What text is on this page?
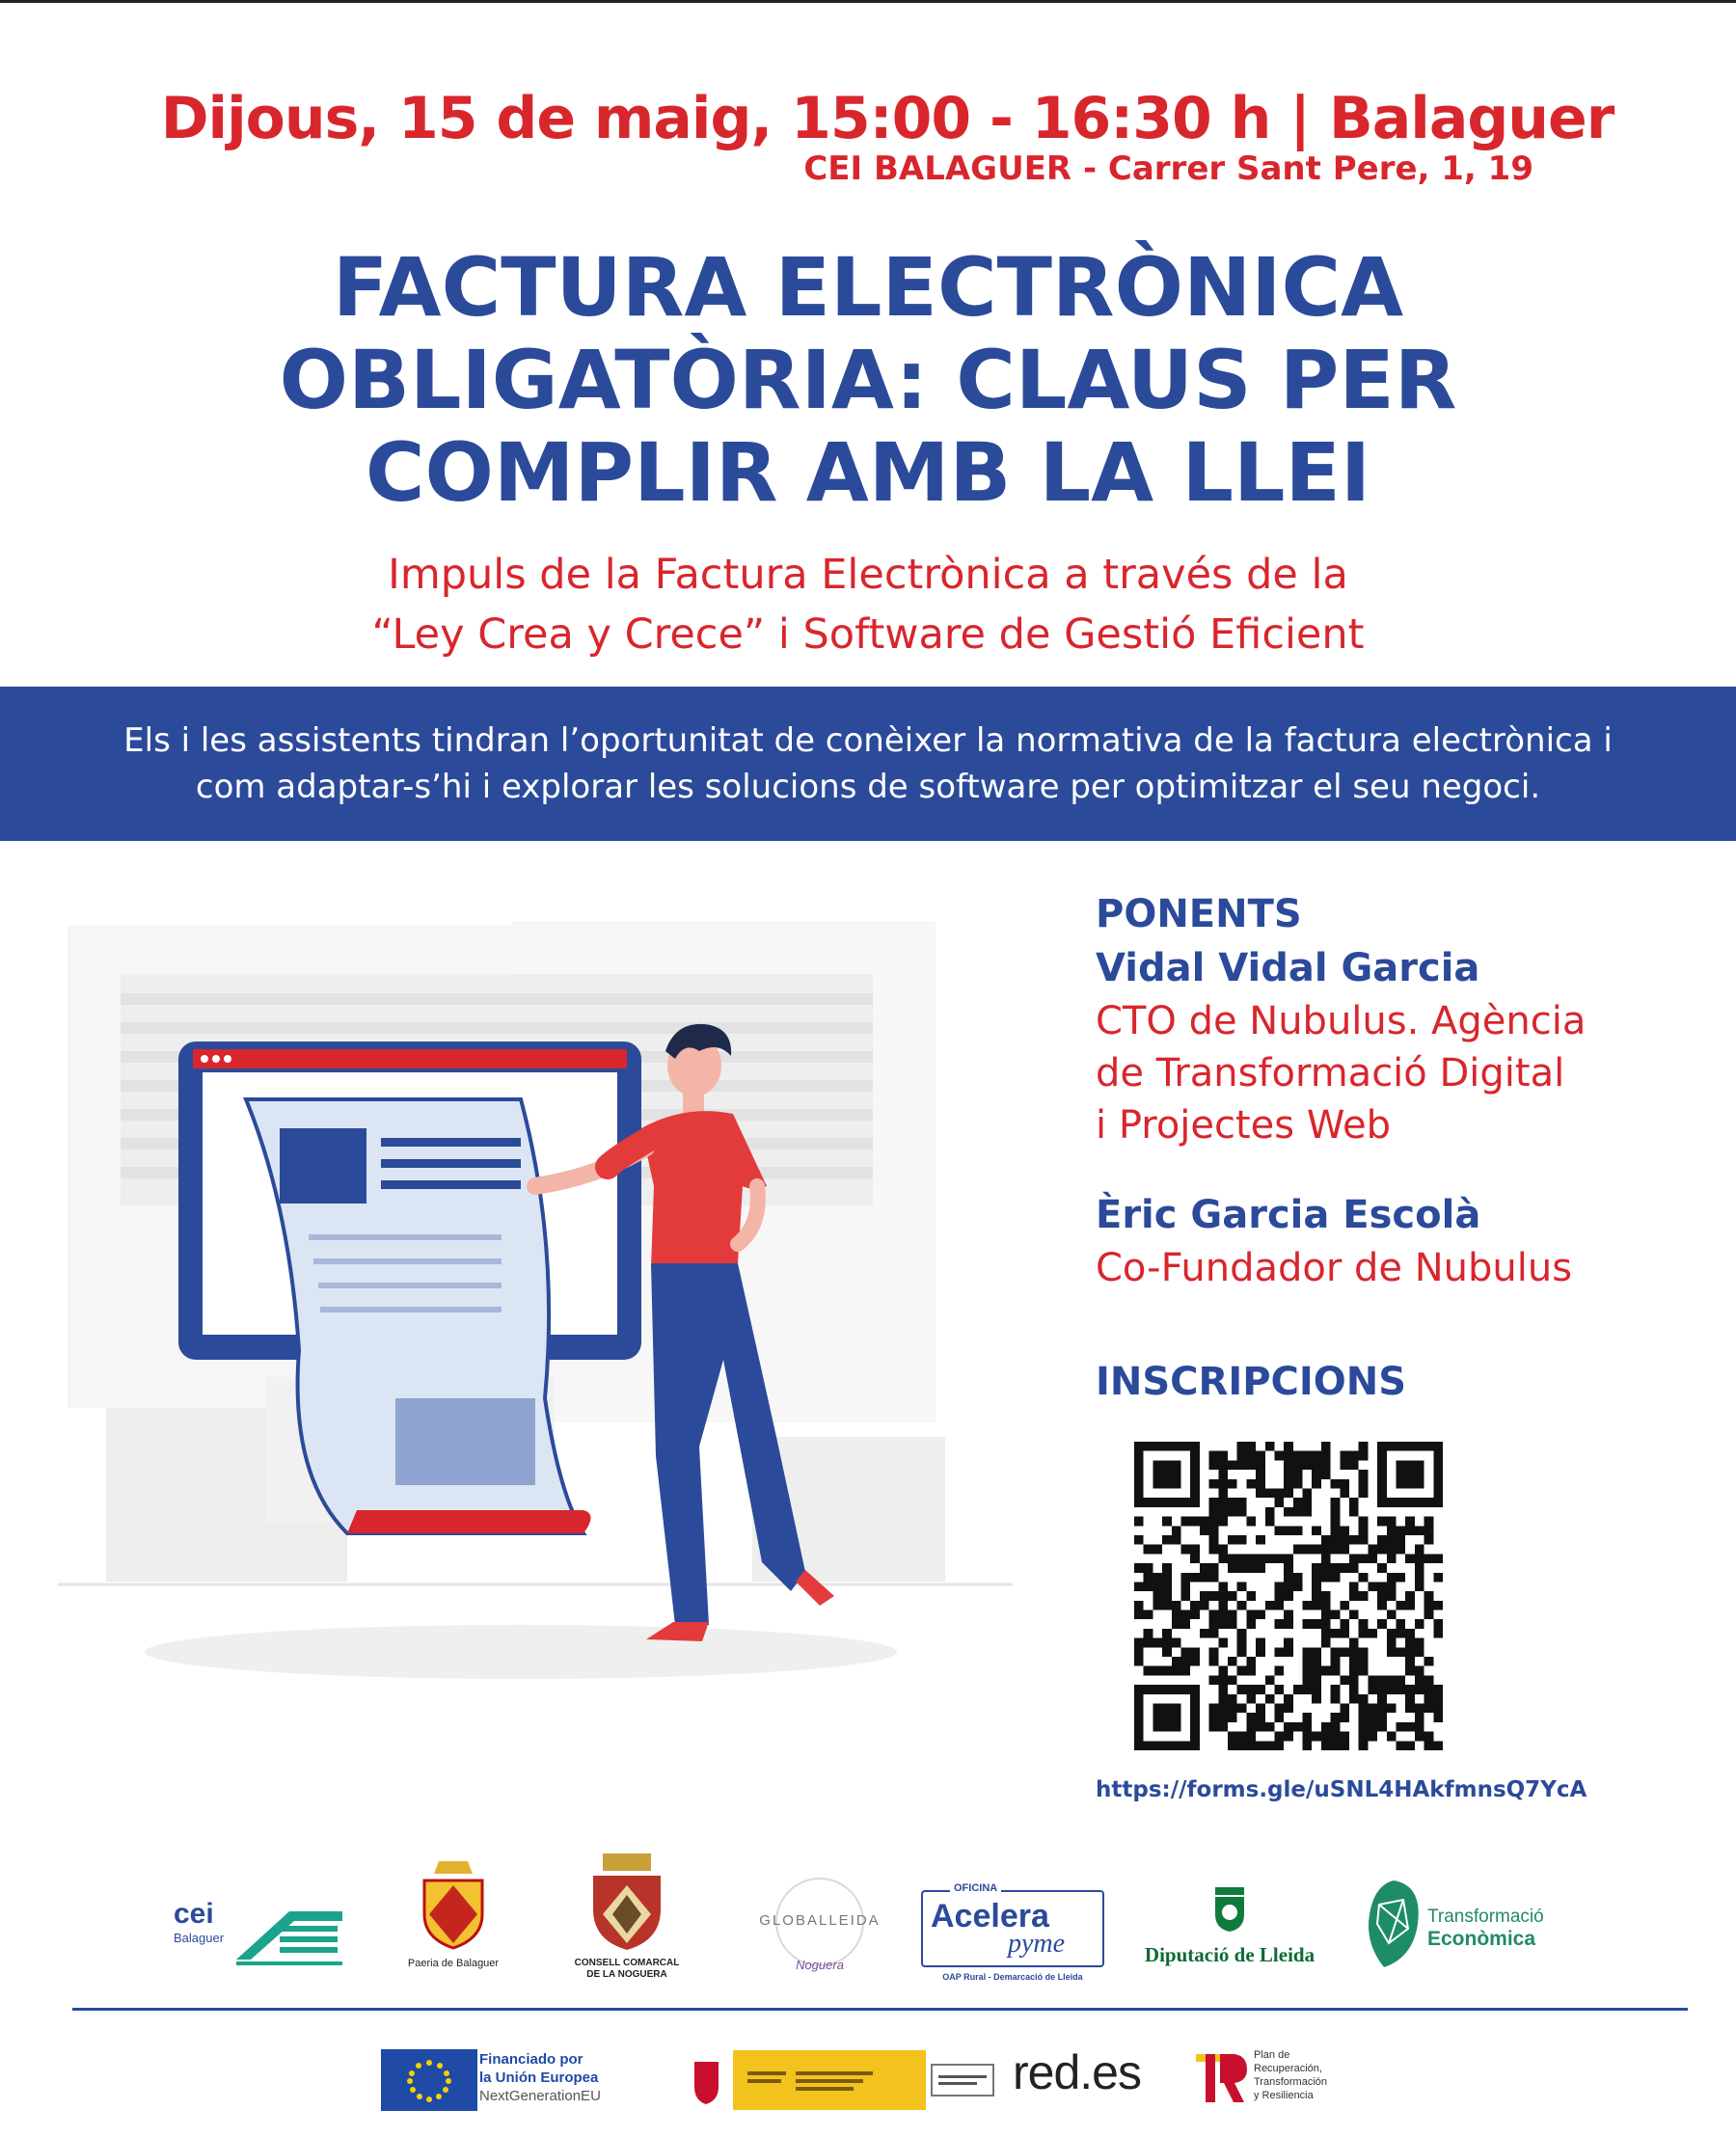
Dijous, 15 de maig, 15:00 - 16:30 h | Balaguer
CEI BALAGUER - Carrer Sant Pere, 1, 19
FACTURA ELECTRÒNICA
OBLIGATÒRIA: CLAUS PER
COMPLIR AMB LA LLEI
Impuls de la Factura Electrònica a través de la
“Ley Crea y Crece” i Software de Gestió Eficient
Els i les assistents tindran l’oportunitat de conèixer la normativa de la factura electrònica i
com adaptar-s’hi i explorar les solucions de software per optimitzar el seu negoci.
PONENTS
Vidal Vidal Garcia
CTO de Nubulus. Agència
de Transformació Digital
i Projectes Web
Èric Garcia Escolà
Co-Fundador de Nubulus
INSCRIPCIONS
https://forms.gle/uSNL4HAkfmnsQ7YcA
cei
Balaguer
Paeria de Balaguer	CONSELL COMARCAL
DE LA NOGUERA
GLOBALLEIDA
Noguera
OFICINA
Acelera
pyme
OAP Rural - Demarcació de Lleida
Diputació de Lleida
Transformació
Econòmica
Financiado por
la Unión Europea
NextGenerationEU	red.es	Plan de
Recuperación,
Transformación
y Resiliencia
